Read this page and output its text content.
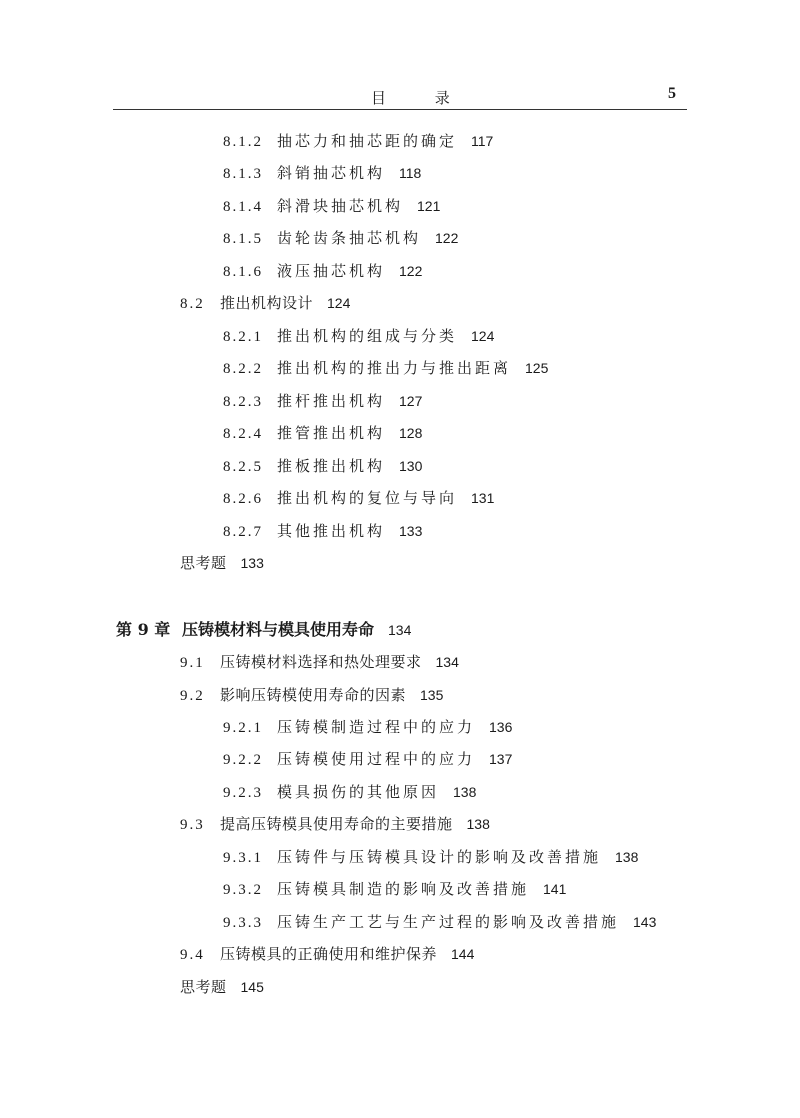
目 录	5
8.1.2 抽芯力和抽芯距的确定 117
8.1.3 斜销抽芯机构 118
8.1.4 斜滑块抽芯机构 121
8.1.5 齿轮齿条抽芯机构 122
8.1.6 液压抽芯机构 122
8.2 推出机构设计 124
8.2.1 推出机构的组成与分类 124
8.2.2 推出机构的推出力与推出距离 125
8.2.3 推杆推出机构 127
8.2.4 推管推出机构 128
8.2.5 推板推出机构 130
8.2.6 推出机构的复位与导向 131
8.2.7 其他推出机构 133
思考题 133
第 9 章 压铸模材料与模具使用寿命 134
9.1 压铸模材料选择和热处理要求 134
9.2 影响压铸模使用寿命的因素 135
9.2.1 压铸模制造过程中的应力 136
9.2.2 压铸模使用过程中的应力 137
9.2.3 模具损伤的其他原因 138
9.3 提高压铸模具使用寿命的主要措施 138
9.3.1 压铸件与压铸模具设计的影响及改善措施 138
9.3.2 压铸模具制造的影响及改善措施 141
9.3.3 压铸生产工艺与生产过程的影响及改善措施 143
9.4 压铸模具的正确使用和维护保养 144
思考题 145
